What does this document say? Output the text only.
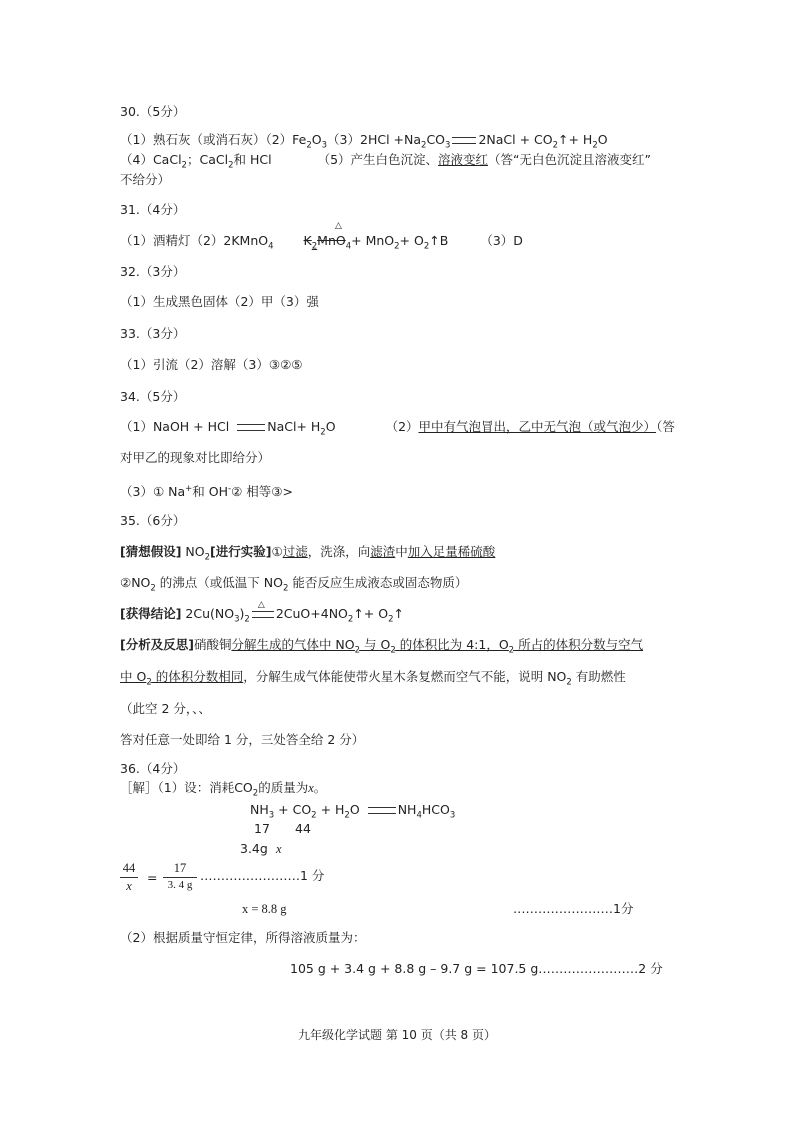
30.（5分）
（1）熟石灰（或消石灰）$(2)Fe_2O_3(3)2HCl +Na_2CO_3$ 2NaCl + $CO_2↑+ H_2O$
（4）CaCl$_2$；CaCl$_2$和 HCl	（5）产生白色沉淀、溶液变红（答“无白色沉淀且溶液变红”
不给分）
31.（4分）
△
（1）酒精灯（2）2KMnO$_4$ $K_2MnO_4+ MnO_2+$ $O_2↑B$	（3）D
32.（3分）
（1）生成黑色固体（2）甲（3）强
33.（3分）
（1）引流（2）溶解（3）③②⑤
34.（5分）
（1）NaOH + HCl	NaCl+ $H_2O$	（2）甲中有气泡冒出，乙中无气泡（或气泡少）（答
对甲乙的现象对比即给分）
（3）① Na+和 OH-② 相等③>
35.（6分）
[猜想假设] $NO_2$[进行实验]①过滤，洗涤，向滤渣中加入足量稀硫酸
$②NO_2$ 的沸点（或低温下 $NO_2$ 能否反应生成液态或固态物质）
[获得结论] $2Cu(NO_3)_2$
△
$2CuO+4NO_2↑+$ $O_2↑$
[分析及反思]硝酸铜分解生成的气体中 $NO_2$ 与 $O_2$ 的体积比为 4:1，$O_2$ 所占的体积分数与空气
中 $O_2$ 的体积分数相同，分解生成气体能使带火星木条复燃而空气不能，说明 $NO_2$ 有助燃性
（此空 2 分，、、
答对任意一处即给 1 分，三处答全给 2 分）
36.（4分）
［解］（1）设：消耗$CO_2$的质量为x。
$NH_3 + CO_2 + H_2O$	$NH_4HCO_3$
17 44
3.4g x
44
x
=
17
3. 4 g
……………………1 分
x = 8.8 g	……………………1分
（2）根据质量守恒定律，所得溶液质量为：
105 g + 3.4 g + 8.8 g – 9.7 g = 107.5 g……………………2 分
九年级化学试题 第 10 页（共 8 页）
